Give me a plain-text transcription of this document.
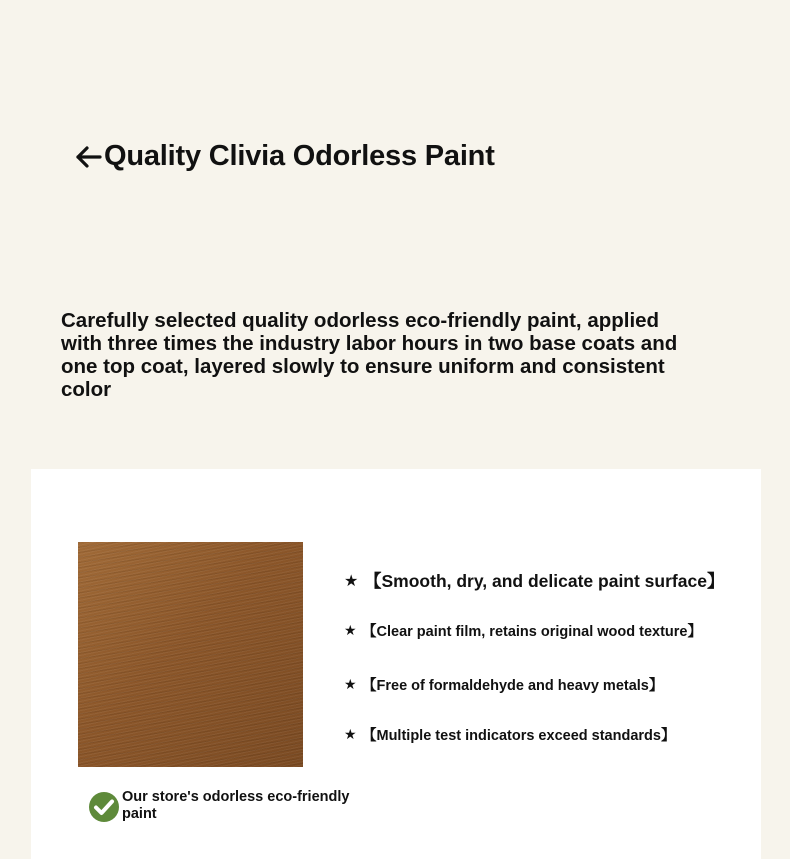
Quality Clivia Odorless Paint
Carefully selected quality odorless eco-friendly paint, applied with three times the industry labor hours in two base coats and one top coat, layered slowly to ensure uniform and consistent color
★ 【Smooth, dry, and delicate paint surface】
★ 【Clear paint film, retains original wood texture】
★ 【Free of formaldehyde and heavy metals】
★ 【Multiple test indicators exceed standards】
Our store's odorless eco-friendly paint
